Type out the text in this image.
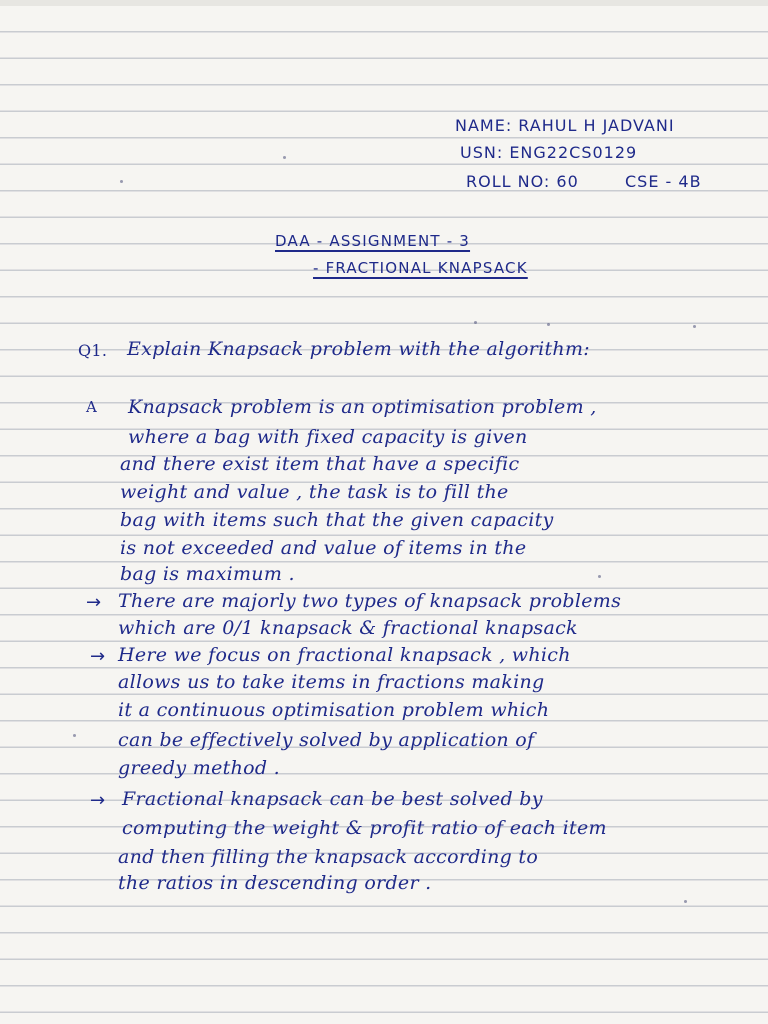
NAME: RAHUL H JADVANI
USN: ENG22CS0129
ROLL NO: 60	CSE - 4B
DAA - ASSIGNMENT - 3
- FRACTIONAL KNAPSACK
Q1. Explain Knapsack problem with the algorithm:
A Knapsack problem is an optimisation problem ,
where a bag with fixed capacity is given
and there exist item that have a specific
weight and value , the task is to fill the
bag with items such that the given capacity
is not exceeded and value of items in the
bag is maximum .
→ There are majorly two types of knapsack problems
which are 0/1 knapsack & fractional knapsack
→ Here we focus on fractional knapsack , which
allows us to take items in fractions making
it a continuous optimisation problem which
can be effectively solved by application of
greedy method .
→ Fractional knapsack can be best solved by
computing the weight & profit ratio of each item
and then filling the knapsack according to
the ratios in descending order .
